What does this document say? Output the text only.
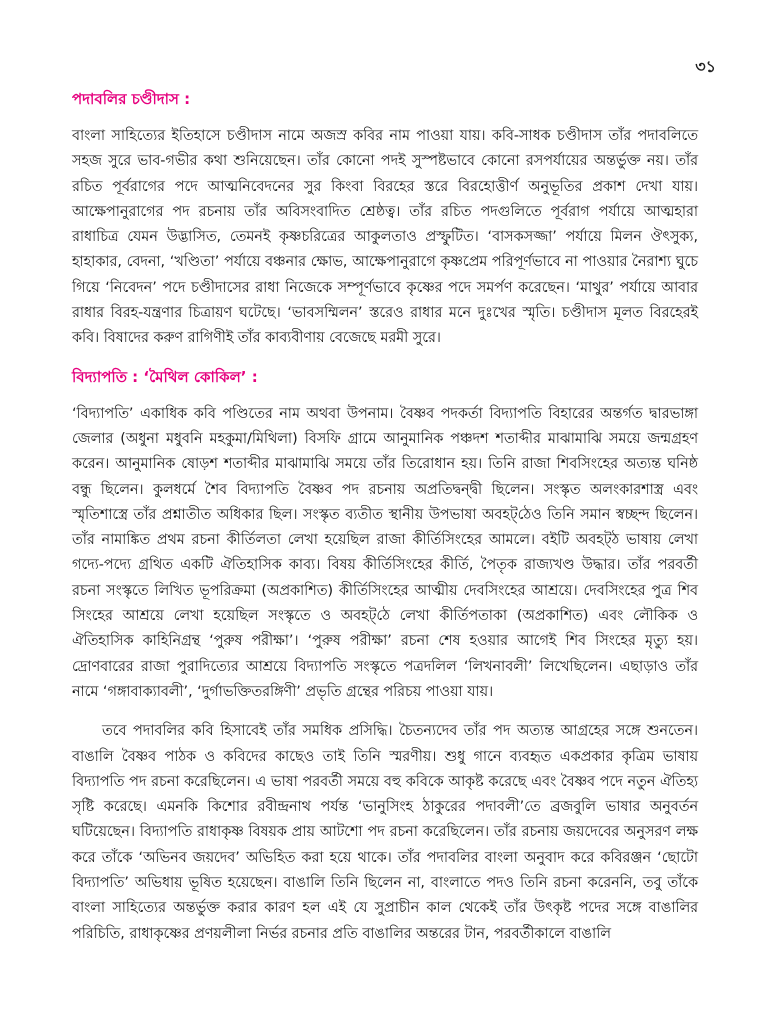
৩১
পদাবলির চণ্ডীদাস :

বাংলা সাহিত্যের ইতিহাসে চণ্ডীদাস নামে অজস্র কবির নাম পাওয়া যায়। কবি-সাধক চণ্ডীদাস তাঁর পদাবলিতে সহজ সুরে ভাব-গভীর কথা শুনিয়েছেন। তাঁর কোনো পদই সুস্পষ্টভাবে কোনো রসপর্যায়ের অন্তর্ভুক্ত নয়। তাঁর রচিত পূর্বরাগের পদে আত্মনিবেদনের সুর কিংবা বিরহের স্তরে বিরহোত্তীর্ণ অনুভূতির প্রকাশ দেখা যায়। আক্ষেপানুরাগের পদ রচনায় তাঁর অবিসংবাদিত শ্রেষ্ঠত্ব। তাঁর রচিত পদগুলিতে পূর্বরাগ পর্যায়ে আত্মহারা রাধাচিত্র যেমন উদ্ভাসিত, তেমনই কৃষ্ণচরিত্রের আকুলতাও প্রস্ফুটিত। ‘বাসকসজ্জা’ পর্যায়ে মিলন ঔৎসুক্য, হাহাকার, বেদনা, ‘খণ্ডিতা’ পর্যায়ে বঞ্চনার ক্ষোভ, আক্ষেপানুরাগে কৃষ্ণপ্রেম পরিপূর্ণভাবে না পাওয়ার নৈরাশ্য ঘুচে গিয়ে ‘নিবেদন’ পদে চণ্ডীদাসের রাধা নিজেকে সম্পূর্ণভাবে কৃষ্ণের পদে সমর্পণ করেছেন। ‘মাথুর’ পর্যায়ে আবার রাধার বিরহ-যন্ত্রণার চিত্রায়ণ ঘটেছে। ‘ভাবসম্মিলন’ স্তরেও রাধার মনে দুঃখের স্মৃতি। চণ্ডীদাস মূলত বিরহেরই কবি। বিষাদের করুণ রাগিণীই তাঁর কাব্যবীণায় বেজেছে মরমী সুরে।

বিদ্যাপতি : ‘মৈথিল কোকিল’ :

‘বিদ্যাপতি’ একাধিক কবি পণ্ডিতের নাম অথবা উপনাম। বৈষ্ণব পদকর্তা বিদ্যাপতি বিহারের অন্তর্গত দ্বারভাঙ্গা জেলার (অধুনা মধুবনি মহকুমা/মিথিলা) বিসফি গ্রামে আনুমানিক পঞ্চদশ শতাব্দীর মাঝামাঝি সময়ে জন্মগ্রহণ করেন। আনুমানিক ষোড়শ শতাব্দীর মাঝামাঝি সময়ে তাঁর তিরোধান হয়। তিনি রাজা শিবসিংহের অত্যন্ত ঘনিষ্ঠ বন্ধু ছিলেন। কুলধর্মে শৈব বিদ্যাপতি বৈষ্ণব পদ রচনায় অপ্রতিদ্বন্দ্বী ছিলেন। সংস্কৃত অলংকারশাস্ত্র এবং স্মৃতিশাস্ত্রে তাঁর প্রশ্নাতীত অধিকার ছিল। সংস্কৃত ব্যতীত স্থানীয় উপভাষা অবহট্‌ঠেও তিনি সমান স্বচ্ছন্দ ছিলেন। তাঁর নামাঙ্কিত প্রথম রচনা কীর্তিলতা লেখা হয়েছিল রাজা কীর্তিসিংহের আমলে। বইটি অবহট্‌ঠ ভাষায় লেখা গদ্যে-পদ্যে গ্রথিত একটি ঐতিহাসিক কাব্য। বিষয় কীর্তিসিংহের কীর্তি, পৈতৃক রাজ্যখণ্ড উদ্ধার। তাঁর পরবর্তী রচনা সংস্কৃতে লিখিত ভূপরিক্রমা (অপ্রকাশিত) কীর্তিসিংহের আত্মীয় দেবসিংহের আশ্রয়ে। দেবসিংহের পুত্র শিব সিংহের আশ্রয়ে লেখা হয়েছিল সংস্কৃতে ও অবহট্‌ঠে লেখা কীর্তিপতাকা (অপ্রকাশিত) এবং লৌকিক ও ঐতিহাসিক কাহিনিগ্রন্থ ‘পুরুষ পরীক্ষা’। ‘পুরুষ পরীক্ষা’ রচনা শেষ হওয়ার আগেই শিব সিংহের মৃত্যু হয়। দ্রোণবারের রাজা পুরাদিত্যের আশ্রয়ে বিদ্যাপতি সংস্কৃতে পত্রদলিল ‘লিখনাবলী’ লিখেছিলেন। এছাড়াও তাঁর নামে ‘গঙ্গাবাক্যাবলী’, ‘দুর্গাভক্তিতরঙ্গিণী’ প্রভৃতি গ্রন্থের পরিচয় পাওয়া যায়।

তবে পদাবলির কবি হিসাবেই তাঁর সমধিক প্রসিদ্ধি। চৈতন্যদেব তাঁর পদ অত্যন্ত আগ্রহের সঙ্গে শুনতেন। বাঙালি বৈষ্ণব পাঠক ও কবিদের কাছেও তাই তিনি স্মরণীয়। শুধু গানে ব্যবহৃত একপ্রকার কৃত্রিম ভাষায় বিদ্যাপতি পদ রচনা করেছিলেন। এ ভাষা পরবর্তী সময়ে বহু কবিকে আকৃষ্ট করেছে এবং বৈষ্ণব পদে নতুন ঐতিহ্য সৃষ্টি করেছে। এমনকি কিশোর রবীন্দ্রনাথ পর্যন্ত ‘ভানুসিংহ ঠাকুরের পদাবলী’তে ব্রজবুলি ভাষার অনুবর্তন ঘটিয়েছেন। বিদ্যাপতি রাধাকৃষ্ণ বিষয়ক প্রায় আটশো পদ রচনা করেছিলেন। তাঁর রচনায় জয়দেবের অনুসরণ লক্ষ করে তাঁকে ‘অভিনব জয়দেব’ অভিহিত করা হয়ে থাকে। তাঁর পদাবলির বাংলা অনুবাদ করে কবিরঞ্জন ‘ছোটো বিদ্যাপতি’ অভিধায় ভূষিত হয়েছেন। বাঙালি তিনি ছিলেন না, বাংলাতে পদও তিনি রচনা করেননি, তবু তাঁকে বাংলা সাহিত্যের অন্তর্ভুক্ত করার কারণ হল এই যে সুপ্রাচীন কাল থেকেই তাঁর উৎকৃষ্ট পদের সঙ্গে বাঙালির পরিচিতি, রাধাকৃষ্ণের প্রণয়লীলা নির্ভর রচনার প্রতি বাঙালির অন্তরের টান, পরবর্তীকালে বাঙালি
